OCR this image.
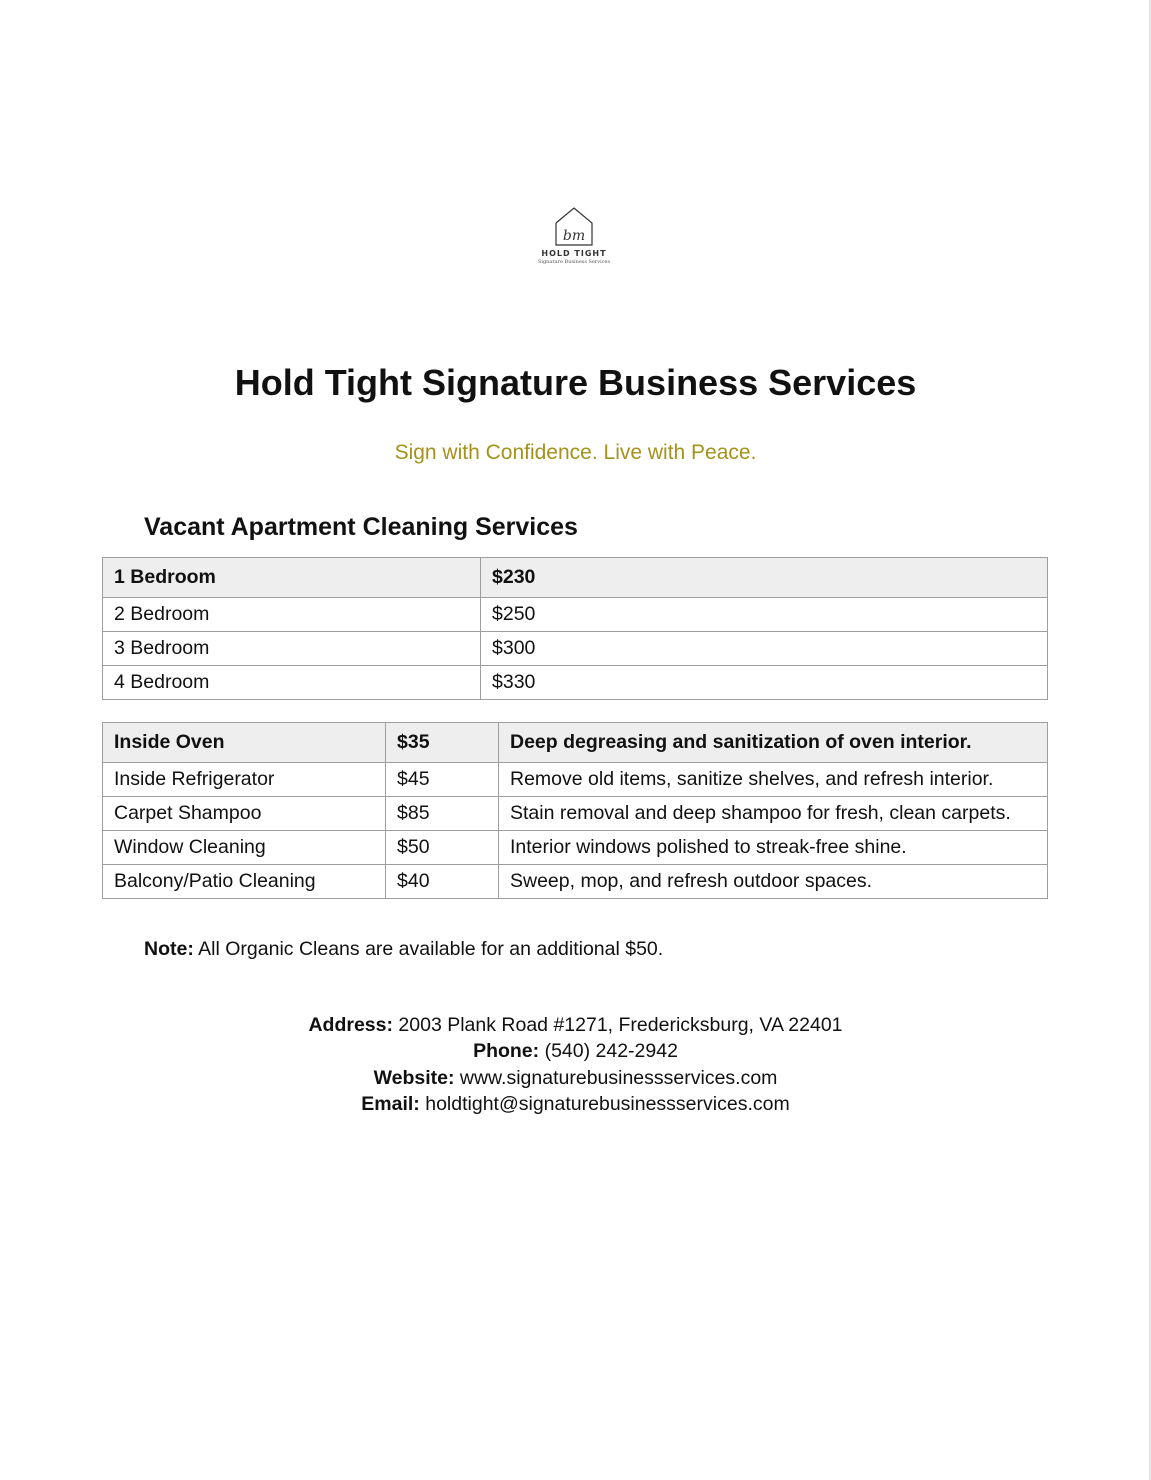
bm
HOLD TIGHT
Signature Business Services
Hold Tight Signature Business Services
Sign with Confidence. Live with Peace.
Vacant Apartment Cleaning Services
1 Bedroom	$230
2 Bedroom	$250
3 Bedroom	$300
4 Bedroom	$330
Inside Oven	$35	Deep degreasing and sanitization of oven interior.
Inside Refrigerator	$45	Remove old items, sanitize shelves, and refresh interior.
Carpet Shampoo	$85	Stain removal and deep shampoo for fresh, clean carpets.
Window Cleaning	$50	Interior windows polished to streak-free shine.
Balcony/Patio Cleaning	$40	Sweep, mop, and refresh outdoor spaces.
Note: All Organic Cleans are available for an additional $50.
Address: 2003 Plank Road #1271, Fredericksburg, VA 22401
Phone: (540) 242-2942
Website: www.signaturebusinessservices.com
Email: holdtight@signaturebusinessservices.com
